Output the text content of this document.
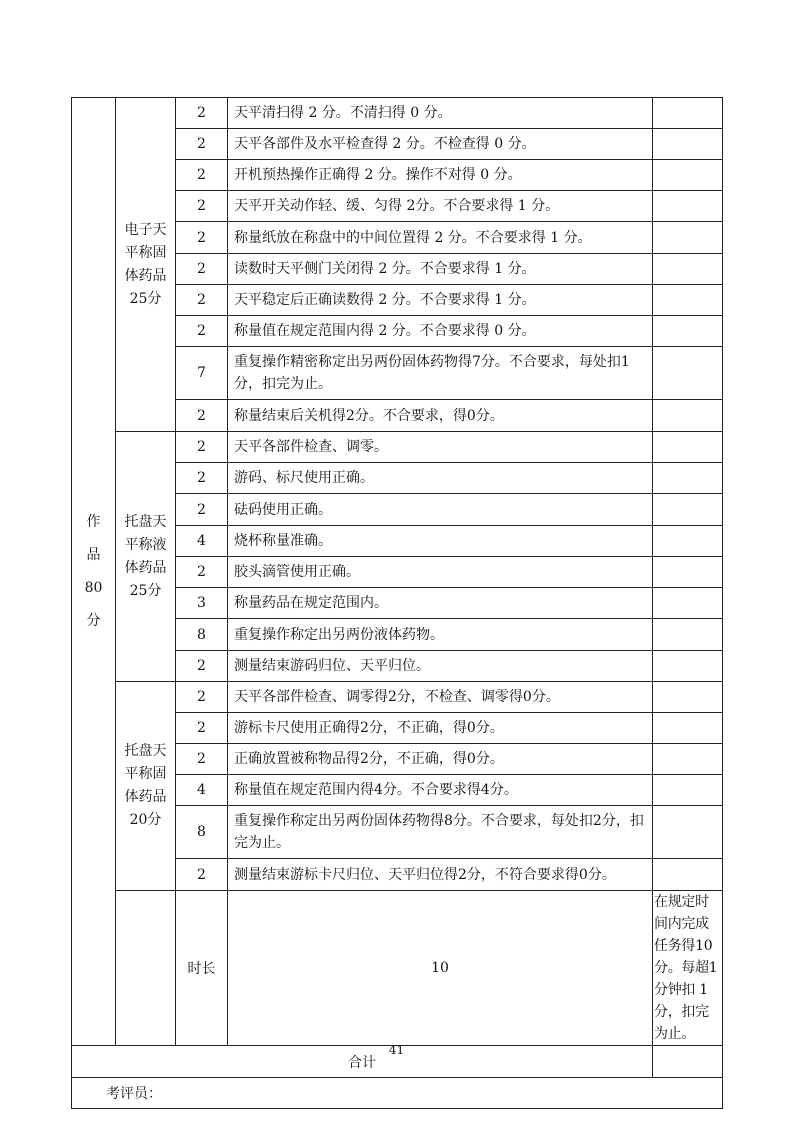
作品80分	电子天平称固体药品25分	2	天平清扫得 2 分。不清扫得 0 分。		
		2	天平各部件及水平检查得 2 分。不检查得 0 分。		
		2	开机预热操作正确得 2 分。操作不对得 0 分。		
		2	天平开关动作轻、缓、匀得 2分。不合要求得 1 分。		
		2	称量纸放在称盘中的中间位置得 2 分。不合要求得 1 分。		
		2	读数时天平侧门关闭得 2 分。不合要求得 1 分。		
		2	天平稳定后正确读数得 2 分。不合要求得 1 分。		
		2	称量值在规定范围内得 2 分。不合要求得 0 分。		
		7	重复操作精密称定出另两份固体药物得7分。不合要求，每处扣1分，扣完为止。		
		2	称量结束后关机得2分。不合要求，得0分。		
	托盘天平称液体药品25分	2	天平各部件检查、调零。		
		2	游码、标尺使用正确。		
		2	砝码使用正确。		
		4	烧杯称量准确。		
		2	胶头滴管使用正确。		
		3	称量药品在规定范围内。		
		8	重复操作称定出另两份液体药物。		
		2	测量结束游码归位、天平归位。		
	托盘天平称固体药品20分	2	天平各部件检查、调零得2分，不检查、调零得0分。		
		2	游标卡尺使用正确得2分，不正确，得0分。		
		2	正确放置被称物品得2分，不正确，得0分。		
		4	称量值在规定范围内得4分。不合要求得4分。		
		8	重复操作称定出另两份固体药物得8分。不合要求，每处扣2分，扣完为止。		
		2	测量结束游标卡尺归位、天平归位得2分，不符合要求得0分。		
		时长	10	在规定时间内完成任务得10分。每超1分钟扣 1 分，扣完为止。	
合计					
考评员：					
41
